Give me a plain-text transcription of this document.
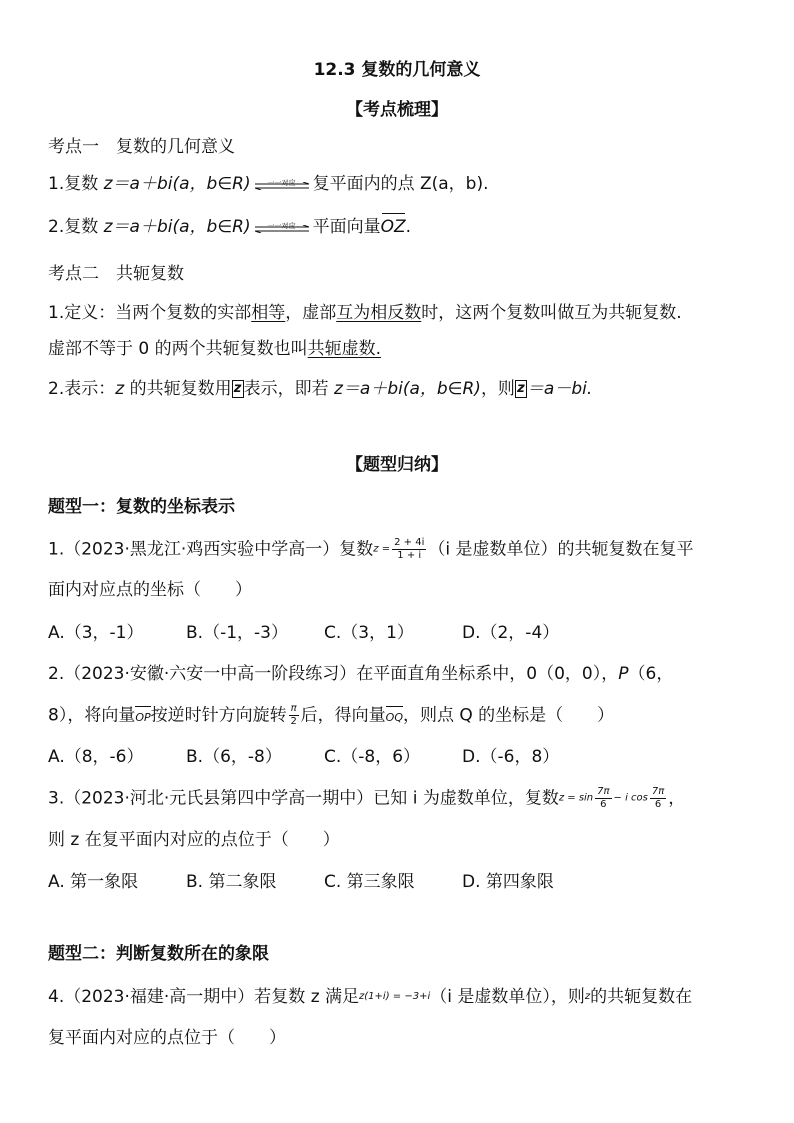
12.3 复数的几何意义
【考点梳理】
考点一　复数的几何意义
1.复数 z＝a＋bi(a，b∈R)	一一对应	复平面内的点 Z(a，b).
2.复数 z＝a＋bi(a，b∈R)	一一对应	平面向量OZ.
考点二　共轭复数
1.定义：当两个复数的实部相等，虚部互为相反数时，这两个复数叫做互为共轭复数.
虚部不等于 0 的两个共轭复数也叫共轭虚数.
2.表示：z 的共轭复数用 z 表示，即若 z＝a＋bi(a，b∈R)，则 z ＝a－bi.
【题型归纳】
题型一：复数的坐标表示
1.（2023·黑龙江·鸡西实验中学高一）复数$z = \frac{2 + 4i}{1 + i} (i$ 是虚数单位）的共轭复数在复平
面内对应点的坐标（　　）
A.（3，-1） B.（-1，-3） C.（3，1）	D.（2，-4）
2.（2023·安徽·六安一中高一阶段练习）在平面直角坐标系中，0（0，0），P（6，
8），将向量OP按逆时针方向旋转 $\frac{\pi}{2}$ 后，得向量OQ，则点 Q 的坐标是（　　）
A.（8，-6） B.（6，-8） C.（-8，6） D.（-6，8）
3.（2023·河北·元氏县第四中学高一期中）已知 i 为虚数单位，复数$z = \sin \frac{7\pi}{6} - i$ $\cos \frac{7\pi}{6}$ ，
则 z 在复平面内对应的点位于（　　）
A. 第一象限	B. 第二象限	C. 第三象限	D. 第四象限
题型二：判断复数所在的象限
4.（2023·福建·高一期中）若复数 z 满足z(1+i) = −3+i（i 是虚数单位），则z的共轭复数在
复平面内对应的点位于（　　）
